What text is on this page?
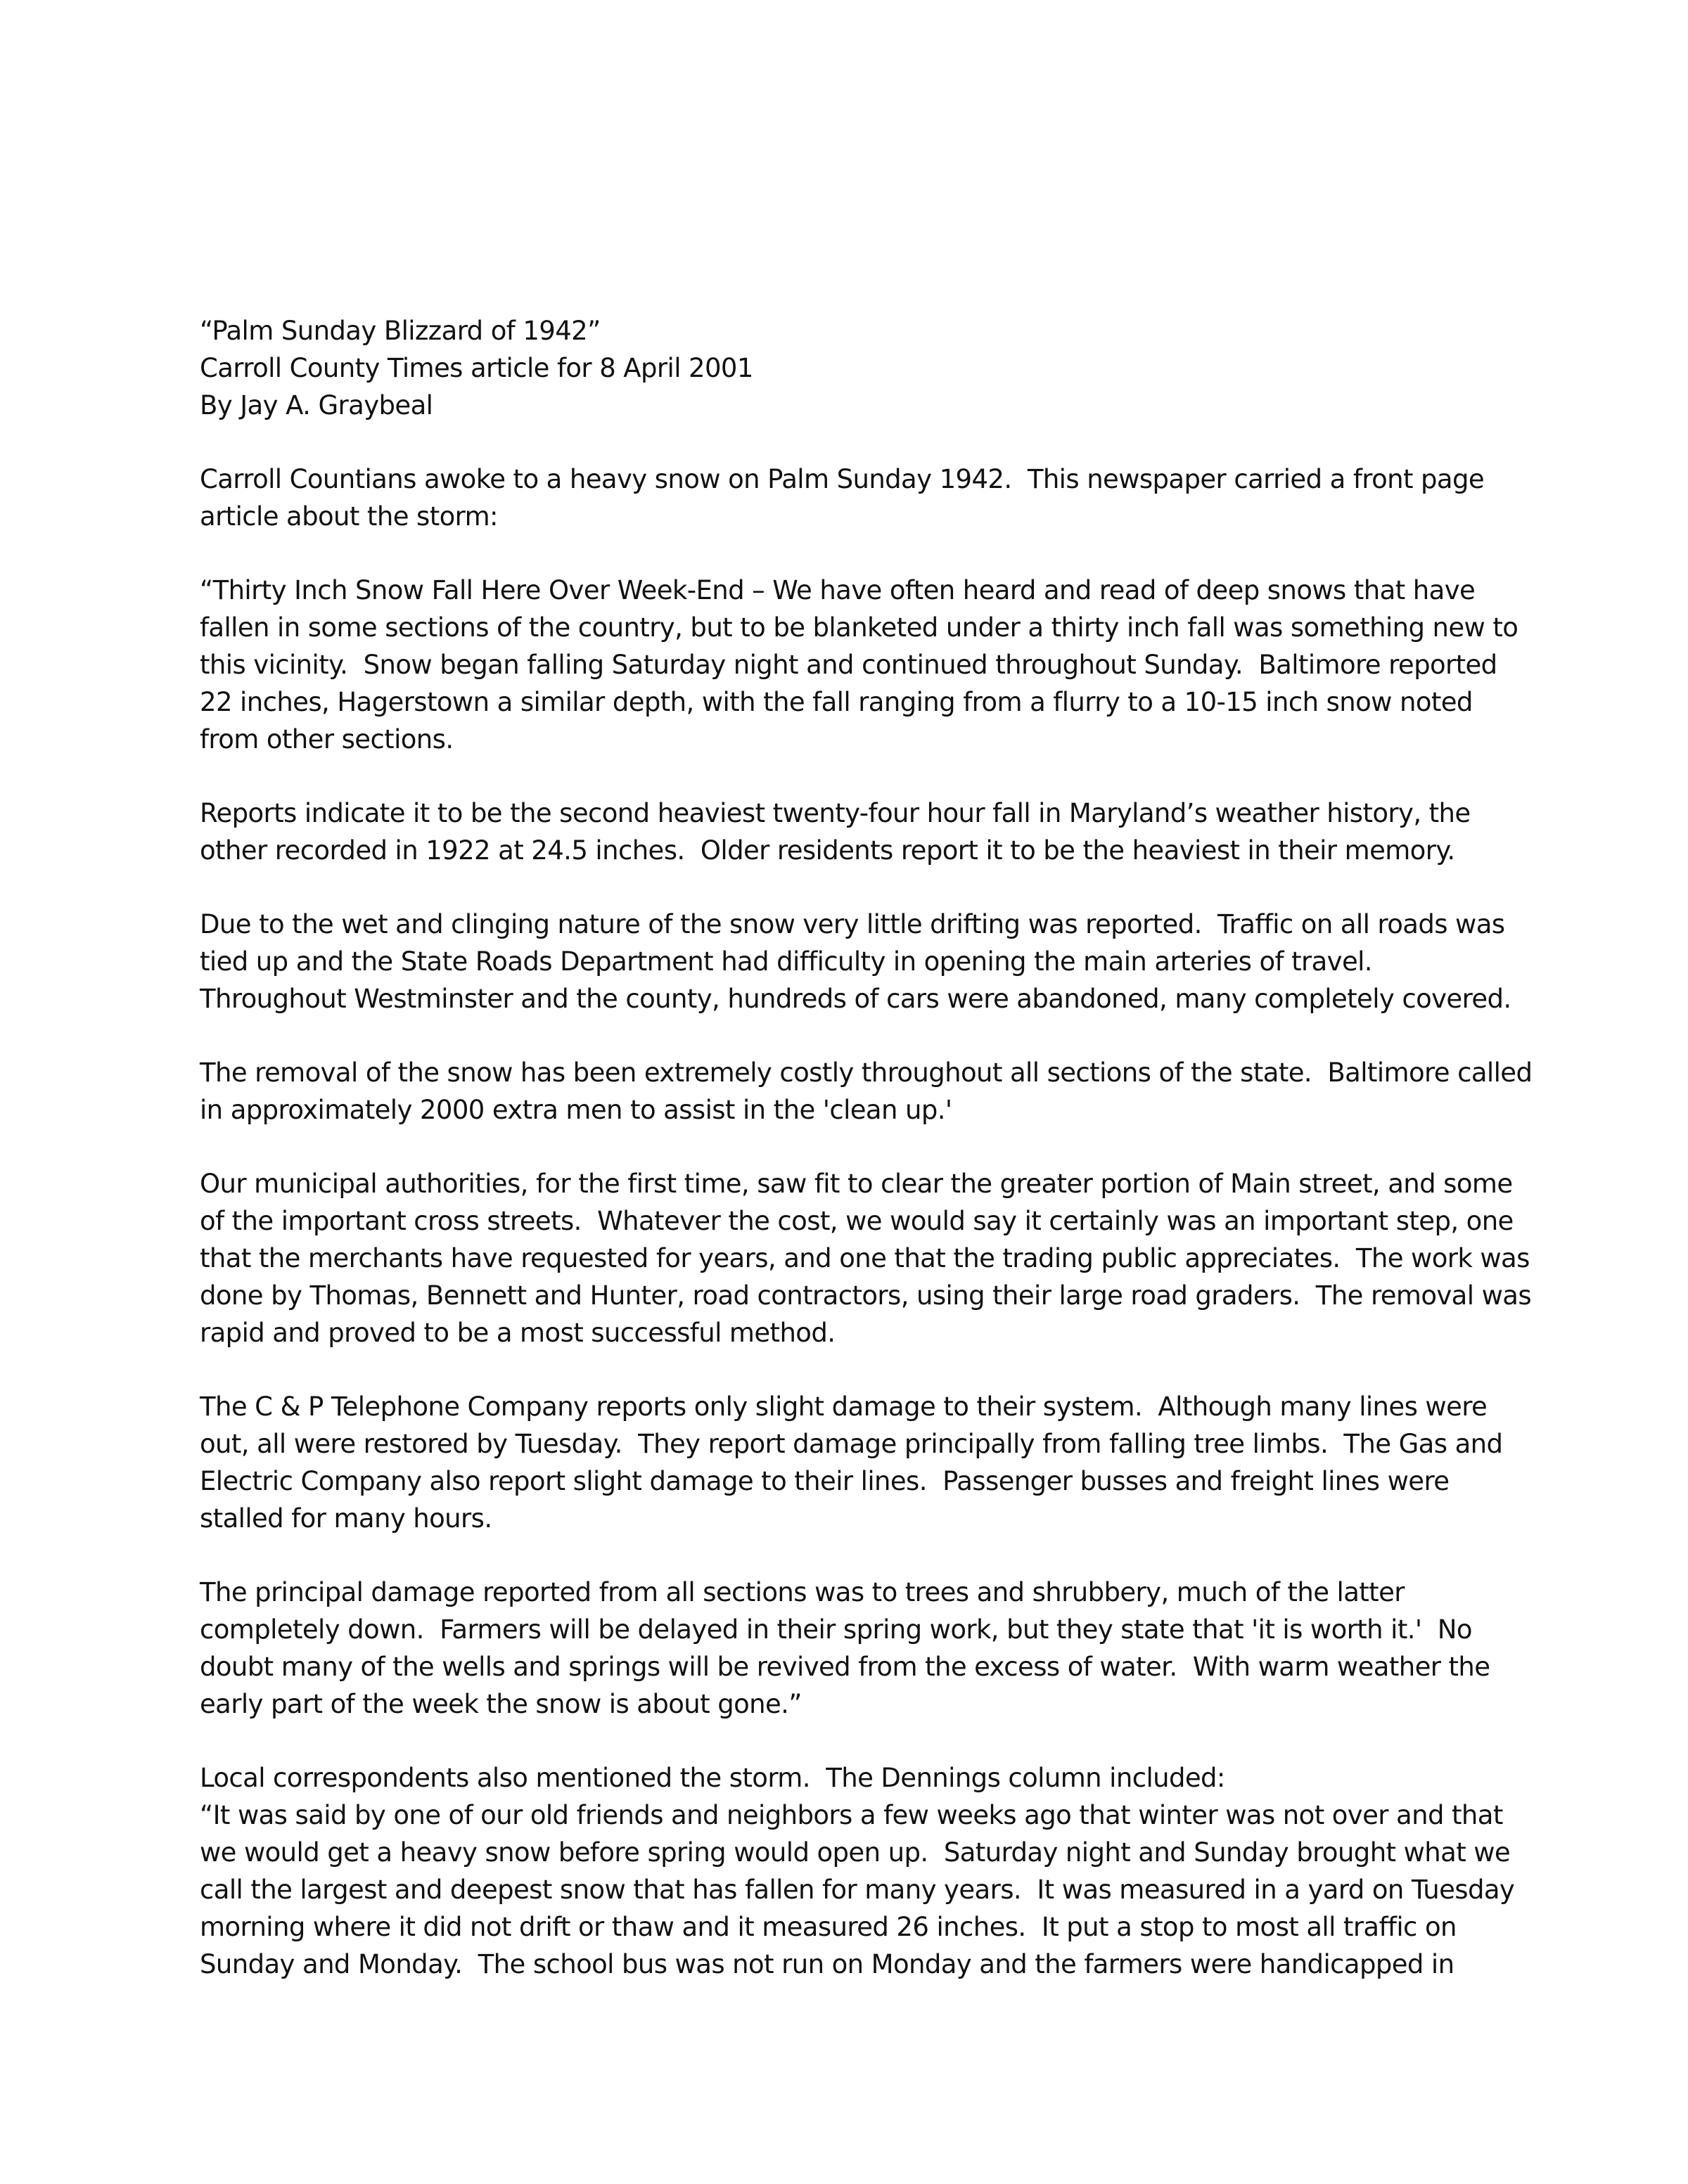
“Palm Sunday Blizzard of 1942”
Carroll County Times article for 8 April 2001
By Jay A. Graybeal
Carroll Countians awoke to a heavy snow on Palm Sunday 1942.  This newspaper carried a front page
article about the storm:
“Thirty Inch Snow Fall Here Over Week-End – We have often heard and read of deep snows that have
fallen in some sections of the country, but to be blanketed under a thirty inch fall was something new to
this vicinity.  Snow began falling Saturday night and continued throughout Sunday.  Baltimore reported
22 inches, Hagerstown a similar depth, with the fall ranging from a flurry to a 10-15 inch snow noted
from other sections.
Reports indicate it to be the second heaviest twenty-four hour fall in Maryland’s weather history, the
other recorded in 1922 at 24.5 inches.  Older residents report it to be the heaviest in their memory.
Due to the wet and clinging nature of the snow very little drifting was reported.  Traffic on all roads was
tied up and the State Roads Department had difficulty in opening the main arteries of travel.
Throughout Westminster and the county, hundreds of cars were abandoned, many completely covered.
The removal of the snow has been extremely costly throughout all sections of the state.  Baltimore called
in approximately 2000 extra men to assist in the 'clean up.'
Our municipal authorities, for the first time, saw fit to clear the greater portion of Main street, and some
of the important cross streets.  Whatever the cost, we would say it certainly was an important step, one
that the merchants have requested for years, and one that the trading public appreciates.  The work was
done by Thomas, Bennett and Hunter, road contractors, using their large road graders.  The removal was
rapid and proved to be a most successful method.
The C & P Telephone Company reports only slight damage to their system.  Although many lines were
out, all were restored by Tuesday.  They report damage principally from falling tree limbs.  The Gas and
Electric Company also report slight damage to their lines.  Passenger busses and freight lines were
stalled for many hours.
The principal damage reported from all sections was to trees and shrubbery, much of the latter
completely down.  Farmers will be delayed in their spring work, but they state that 'it is worth it.'  No
doubt many of the wells and springs will be revived from the excess of water.  With warm weather the
early part of the week the snow is about gone.”
Local correspondents also mentioned the storm.  The Dennings column included:
“It was said by one of our old friends and neighbors a few weeks ago that winter was not over and that
we would get a heavy snow before spring would open up.  Saturday night and Sunday brought what we
call the largest and deepest snow that has fallen for many years.  It was measured in a yard on Tuesday
morning where it did not drift or thaw and it measured 26 inches.  It put a stop to most all traffic on
Sunday and Monday.  The school bus was not run on Monday and the farmers were handicapped in
